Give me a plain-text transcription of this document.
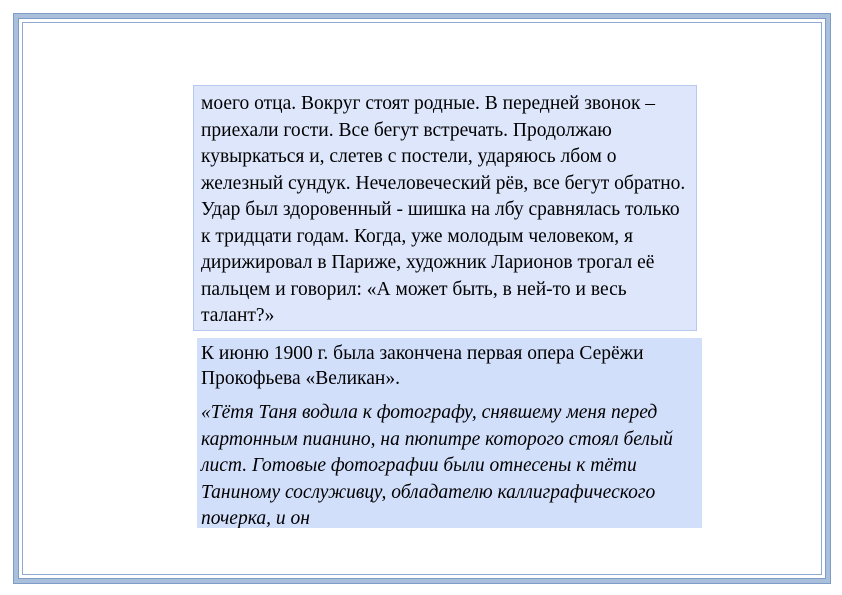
моего отца. Вокруг стоят родные. В передней звонок – приехали гости. Все бегут встречать. Продолжаю кувыркаться и, слетев с постели, ударяюсь лбом о железный сундук. Нечеловеческий рёв, все бегут обратно. Удар был здоровенный - шишка на лбу сравнялась только к тридцати годам. Когда, уже молодым человеком, я дирижировал в Париже, художник Ларионов трогал её пальцем и говорил: «А может быть, в ней-то и весь талант?»

К июню 1900 г. была закончена первая опера Серёжи Прокофьева «Великан».

«Тётя Таня водила к фотографу, снявшему меня перед картонным пианино, на пюпитре которого стоял белый лист. Готовые фотографии были отнесены к тёти Таниному сослуживцу, обладателю каллиграфического почерка, и он
